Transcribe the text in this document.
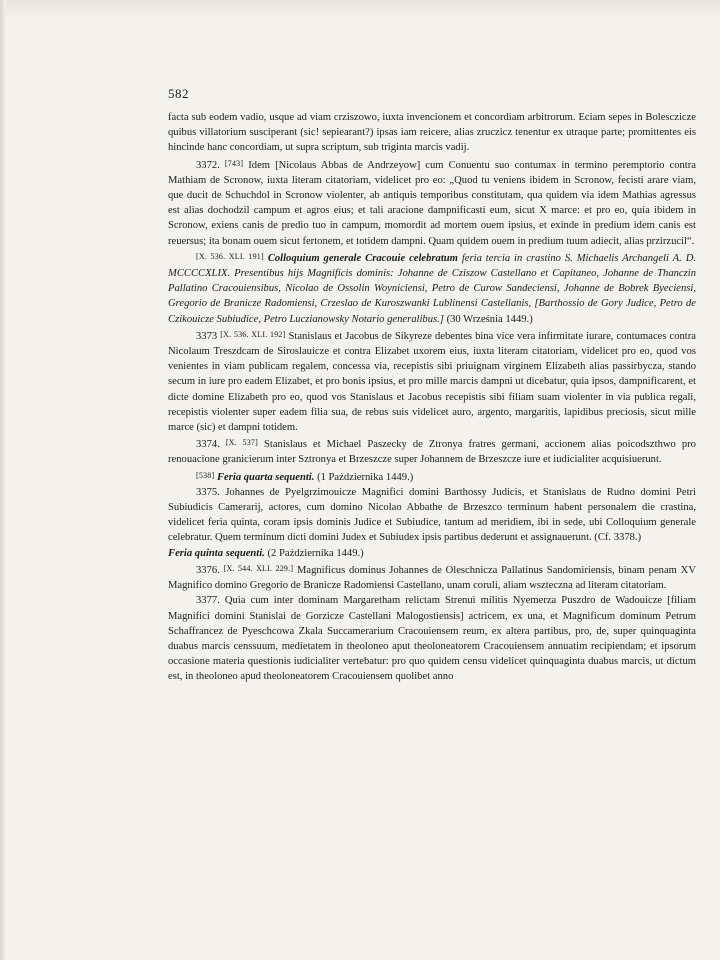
582

facta sub eodem vadio, usque ad viam crziszowo, iuxta invencionem et concordiam arbitrorum. Eciam sepes in Bolesczicze quibus villatorium susciperant (sic! sepiearant?) ipsas iam reicere, alias zruczicz tenentur ex utraque parte; promittentes eis hincinde hanc concordiam, ut supra scriptum, sub triginta marcis vadij.

3372. [743] Idem [Nicolaus Abbas de Andrzeyow] cum Conuentu suo contumax in termino peremptorio contra Mathiam de Scronow, iuxta literam citatoriam, videlicet pro eo: „Quod tu veniens ibidem in Scronow, fecisti arare viam, que ducit de Schuchdol in Scronow violenter, ab antiquis temporibus constitutam, qua quidem via idem Mathias agressus est alias dochodzil campum et agros eius; et tali aracione dampnificasti eum, sicut X marce: et pro eo, quia ibidem in Scronow, exiens canis de predio tuo in campum, momordit ad mortem ouem ipsius, et exinde in predium idem canis est reuersus; ita bonam ouem sicut fertonem, et totidem dampni. Quam quidem ouem in predium tuum adiecit, alias przirzucil“.

[X. 536. XLI. 191] Colloquium generale Cracouie celebratum feria tercia in crastino S. Michaelis Archangeli A. D. MCCCCXLIX. Presentibus hijs Magnificis dominis: Johanne de Cziszow Castellano et Capitaneo, Johanne de Thanczin Pallatino Cracouiensibus, Nicolao de Ossolin Woyniciensi, Petro de Curow Sandeciensi, Johanne de Bobrek Byeciensi, Gregorio de Branicze Radomiensi, Crzeslao de Kuroszwanki Lublinensi Castellanis, [Barthossio de Gory Judice, Petro de Czikouicze Subiudice, Petro Luczianowsky Notario generalibus.] (30 Września 1449.)

3373 [X. 536. XLI. 192] Stanislaus et Jacobus de Sikyreze debentes bina vice vera infirmitate iurare, contumaces contra Nicolaum Treszdcam de Siroslauicze et contra Elizabet uxorem eius, iuxta literam citatoriam, videlicet pro eo, quod vos venientes in viam publicam regalem, concessa via, recepistis sibi priuignam virginem Elizabeth alias passirbycza, stando secum in iure pro eadem Elizabet, et pro bonis ipsius, et pro mille marcis dampni ut dicebatur, quia ipsos, dampnificarent, et dicte domine Elizabeth pro eo, quod vos Stanislaus et Jacobus recepistis sibi filiam suam violenter in via publica regali, recepistis violenter super eadem filia sua, de rebus suis videlicet auro, argento, margaritis, lapidibus preciosis, sicut mille marce (sic) et dampni totidem.

3374. [X. 537] Stanislaus et Michael Paszecky de Ztronya fratres germani, accionem alias poicodszthwo pro renouacione granicierum inter Sztronya et Brzeszcze super Johannem de Brzeszcze iure et iudicialiter acquisiuerunt.

[538] Feria quarta sequenti. (1 Października 1449.)

3375. Johannes de Pyelgrzimouicze Magnifici domini Barthossy Judicis, et Stanislaus de Rudno domini Petri Subiudicis Camerarij, actores, cum domino Nicolao Abbathe de Brzeszco terminum habent personalem die crastina, videlicet feria quinta, coram ipsis dominis Judice et Subiudice, tantum ad meridiem, ibi in sede, ubi Colloquium generale celebratur. Quem terminum dicti domini Judex et Subiudex ipsis partibus dederunt et assignauerunt. (Cf. 3378.)

Feria quinta sequenti. (2 Października 1449.)

3376. [X. 544. XLI. 229.] Magnificus dominus Johannes de Oleschnicza Pallatinus Sandomiriensis, binam penam XV Magnifico domino Gregorio de Branicze Radomiensi Castellano, unam coruli, aliam wszteczna ad literam citatoriam.

3377. Quia cum inter dominam Margaretham relictam Strenui militis Nyemerza Puszdro de Wadouicze [filiam Magnifici domini Stanislai de Gorzicze Castellani Malogostiensis] actricem, ex una, et Magnificum dominum Petrum Schaffrancez de Pyeschcowa Zkala Succamerarium Cracouiensem reum, ex altera partibus, pro, de, super quinquaginta duabus marcis censsuum, medietatem in theoloneo aput theoloneatorem Cracouiensem annuatim recipiendam; et ipsorum occasione materia questionis iudicialiter vertebatur: pro quo quidem censu videlicet quinquaginta duabus marcis, ut dictum est, in theoloneo apud theoloneatorem Cracouiensem quolibet anno
